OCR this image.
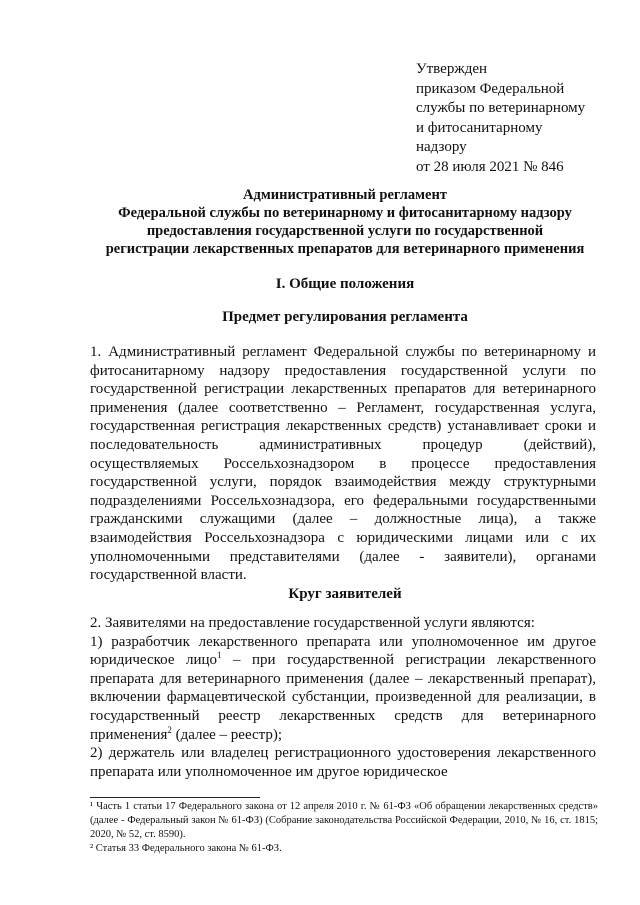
Утвержден
приказом Федеральной
службы по ветеринарному
и фитосанитарному
надзору
от 28 июля 2021 № 846
Административный регламент
Федеральной службы по ветеринарному и фитосанитарному надзору
предоставления государственной услуги по государственной
регистрации лекарственных препаратов для ветеринарного применения
I. Общие положения
Предмет регулирования регламента

1. Административный регламент Федеральной службы по ветеринарному и фитосанитарному надзору предоставления государственной услуги по государственной регистрации лекарственных препаратов для ветеринарного применения (далее соответственно – Регламент, государственная услуга, государственная регистрация лекарственных средств) устанавливает сроки и последовательность административных процедур (действий), осуществляемых Россельхознадзором в процессе предоставления государственной услуги, порядок взаимодействия между структурными подразделениями Россельхознадзора, его федеральными государственными гражданскими служащими (далее – должностные лица), а также взаимодействия Россельхознадзора с юридическими лицами или с их уполномоченными представителями (далее - заявители), органами государственной власти.

Круг заявителей

2. Заявителями на предоставление государственной услуги являются:

1) разработчик лекарственного препарата или уполномоченное им другое юридическое лицо$^1$ – при государственной регистрации лекарственного препарата для ветеринарного применения (далее – лекарственный препарат), включении фармацевтической субстанции, произведенной для реализации, в государственный реестр лекарственных средств для ветеринарного применения$^2$ (далее – реестр);

2) держатель или владелец регистрационного удостоверения лекарственного препарата или уполномоченное им другое юридическое

¹ Часть 1 статьи 17 Федерального закона от 12 апреля 2010 г. № 61-ФЗ «Об обращении лекарственных средств» (далее - Федеральный закон № 61-ФЗ) (Собрание законодательства Российской Федерации, 2010, № 16, ст. 1815; 2020, № 52, ст. 8590).

² Статья 33 Федерального закона № 61-ФЗ.
